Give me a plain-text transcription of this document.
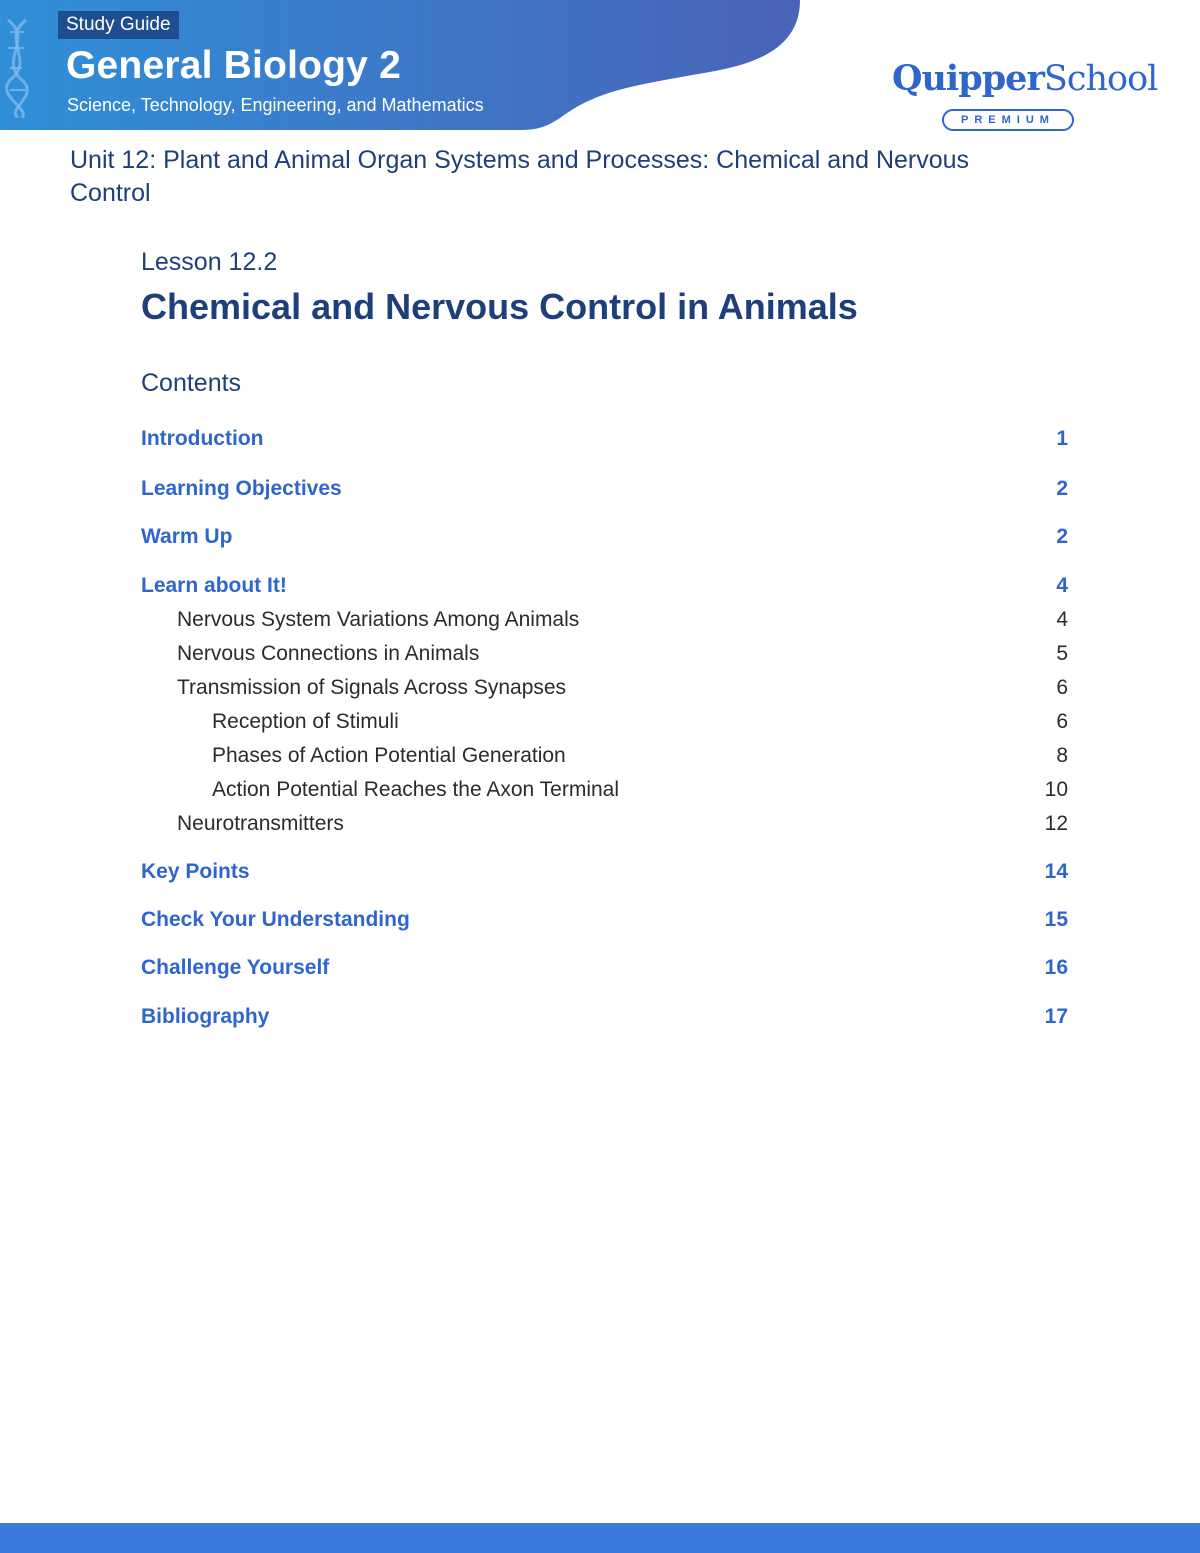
Study Guide
General Biology 2
Science, Technology, Engineering, and Mathematics
QuipperSchool
PREMIUM
Unit 12: Plant and Animal Organ Systems and Processes: Chemical and Nervous Control
Lesson 12.2
Chemical and Nervous Control in Animals
Contents
Introduction	1
Learning Objectives	2
Warm Up	2
Learn about It!	4
Nervous System Variations Among Animals	4
Nervous Connections in Animals	5
Transmission of Signals Across Synapses	6
Reception of Stimuli	6
Phases of Action Potential Generation	8
Action Potential Reaches the Axon Terminal	10
Neurotransmitters	12
Key Points	14
Check Your Understanding	15
Challenge Yourself	16
Bibliography	17
